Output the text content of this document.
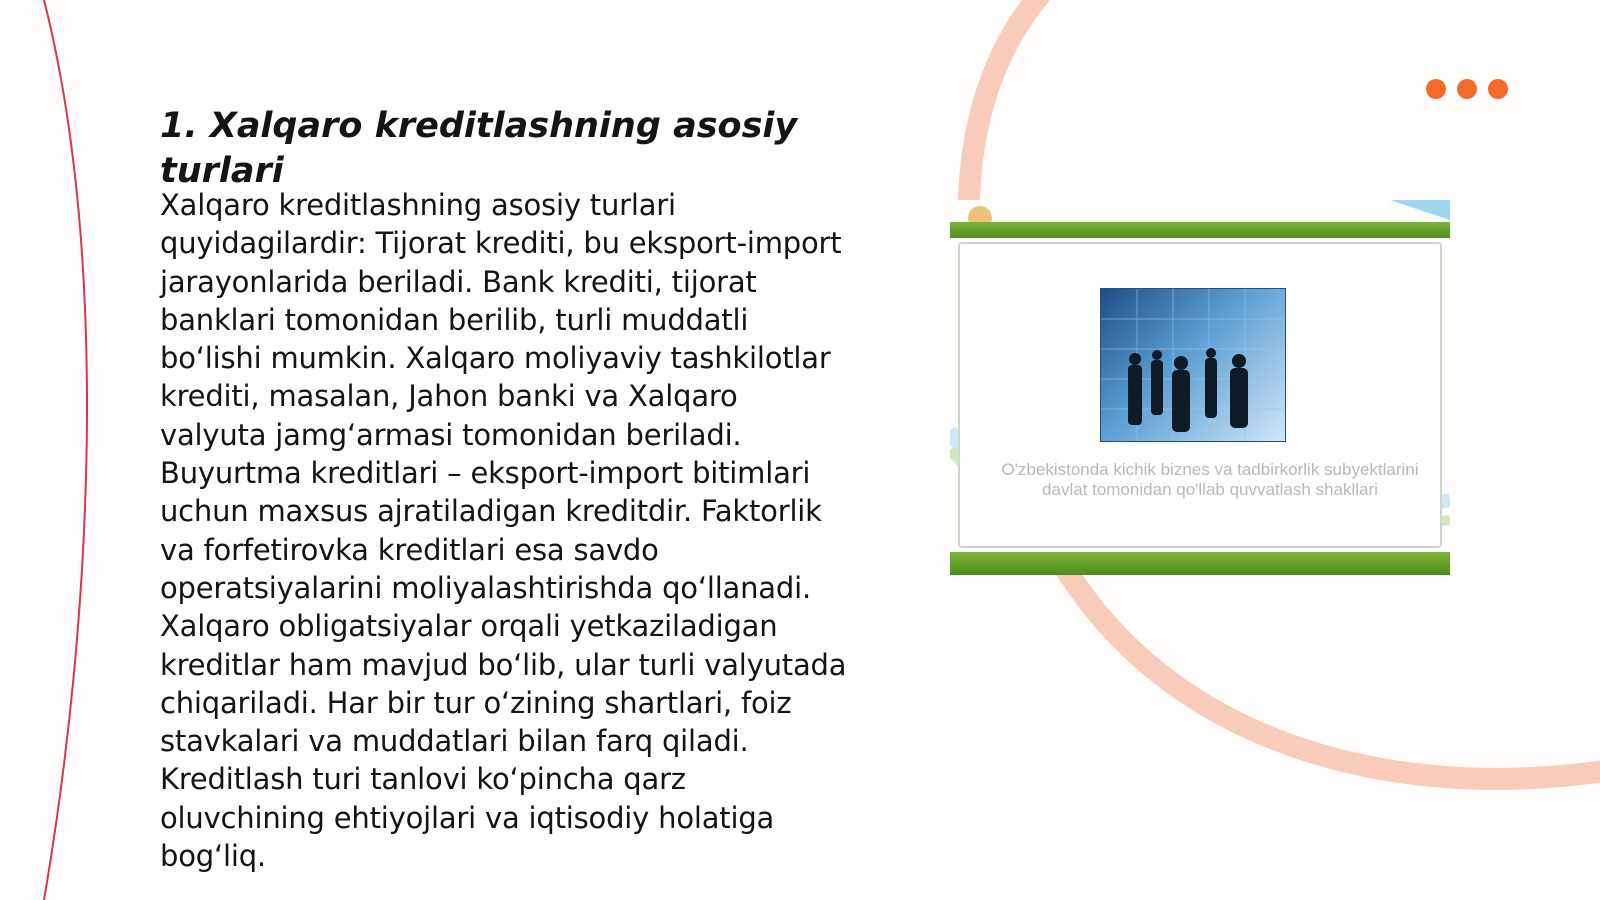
1. Xalqaro kreditlashning asosiy turlari

Xalqaro kreditlashning asosiy turlari quyidagilardir: Tijorat krediti, bu eksport-import jarayonlarida beriladi. Bank krediti, tijorat banklari tomonidan berilib, turli muddatli bo‘lishi mumkin. Xalqaro moliyaviy tashkilotlar krediti, masalan, Jahon banki va Xalqaro valyuta jamg‘armasi tomonidan beriladi. Buyurtma kreditlari – eksport-import bitimlari uchun maxsus ajratiladigan kreditdir. Faktorlik va forfetirovka kreditlari esa savdo operatsiyalarini moliyalashtirishda qo‘llanadi. Xalqaro obligatsiyalar orqali yetkaziladigan kreditlar ham mavjud bo‘lib, ular turli valyutada chiqariladi. Har bir tur o‘zining shartlari, foiz stavkalari va muddatlari bilan farq qiladi. Kreditlash turi tanlovi ko‘pincha qarz oluvchining ehtiyojlari va iqtisodiy holatiga bog‘liq.

O'zbekistonda kichik biznes va tadbirkorlik subyektlarini davlat tomonidan qo'llab quvvatlash shakllari
